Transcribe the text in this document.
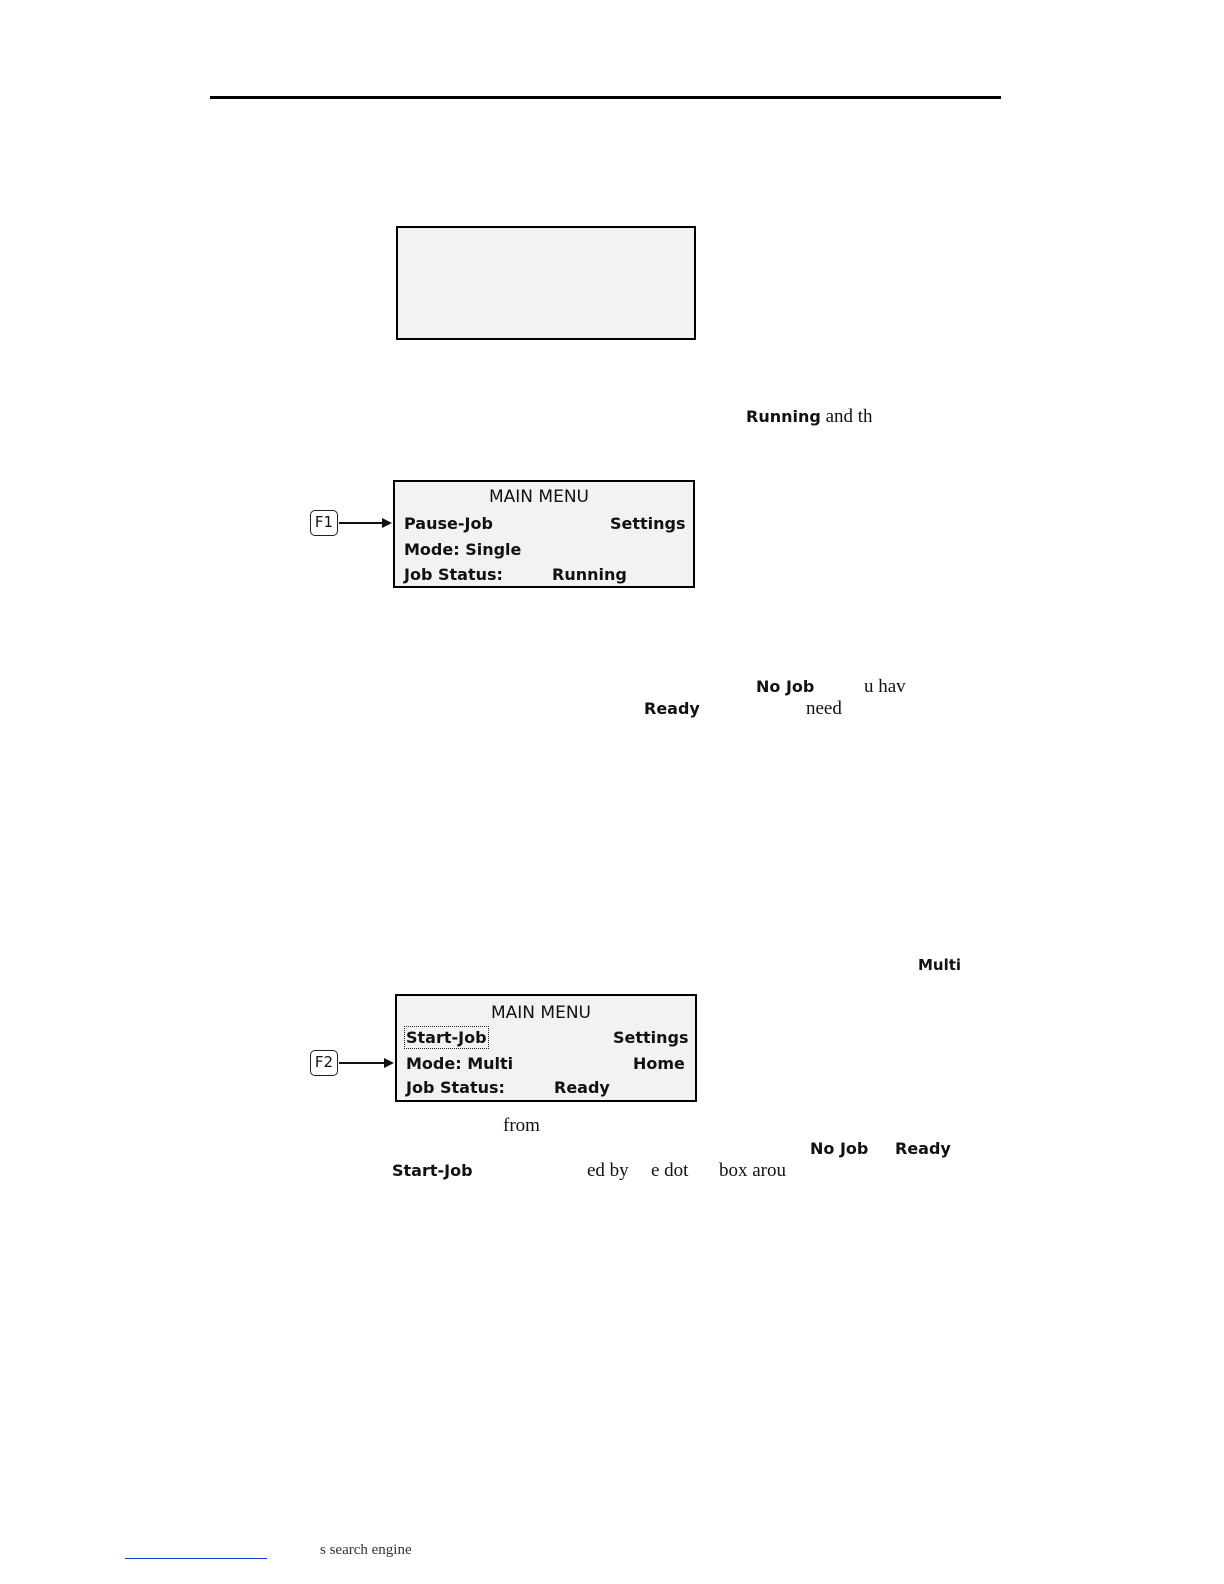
Running and th
F1
MAIN MENU
Pause-Job	Settings
Mode: Single
Job Status:	Running
No Job	u hav
Ready	need
Multi
F2
MAIN MENU
Start-Job	Settings
Mode: Multi	Home
Job Status:	Ready
from
No Job Ready
Start-Job	ed by e dot box arou
s search engine
